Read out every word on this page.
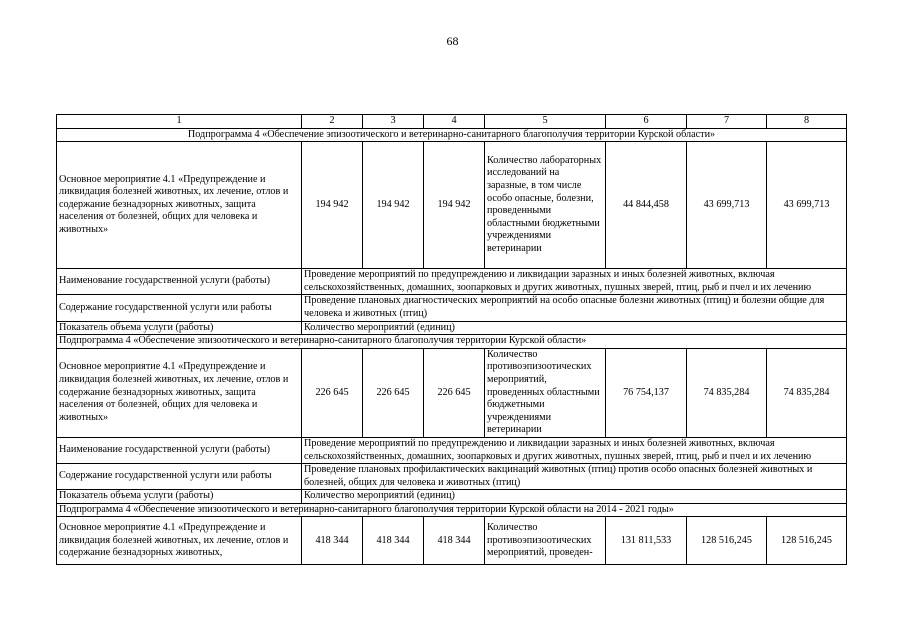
68
1	2	3	4	5	6	7	8
Подпрограмма 4 «Обеспечение эпизоотического и ветеринарно-санитарного благополучия территории Курской области»							
Основное мероприятие 4.1 «Предупреждение и ликвидация болезней животных, их лечение, отлов и содержание безнадзорных животных, защита населения от болезней, общих для человека и животных»	194 942	194 942	194 942	Количество лабораторных исследований на заразные, в том числе особо опасные, болезни, проведенными областными бюджетными учреждениями ветеринарии	44 844,458	43 699,713	43 699,713
Наименование государственной услуги (работы)	Проведение мероприятий по предупреждению и ликвидации заразных и иных болезней животных, включая сельскохозяйственных, домашних, зоопарковых и других животных, пушных зверей, птиц, рыб и пчел и их лечению						
Содержание государственной услуги или работы	Проведение плановых диагностических мероприятий на особо опасные болезни животных (птиц) и болезни общие для человека и животных (птиц)						
Показатель объема услуги (работы)	Количество мероприятий (единиц)						
Подпрограмма 4 «Обеспечение эпизоотического и ветеринарно-санитарного благополучия территории Курской области»							
Основное мероприятие 4.1 «Предупреждение и ликвидация болезней животных, их лечение, отлов и содержание безнадзорных животных, защита населения от болезней, общих для человека и животных»	226 645	226 645	226 645	Количество противоэпизоотических мероприятий, проведенных областными бюджетными учреждениями ветеринарии	76 754,137	74 835,284	74 835,284
Наименование государственной услуги (работы)	Проведение мероприятий по предупреждению и ликвидации заразных и иных болезней животных, включая сельскохозяйственных, домашних, зоопарковых и других животных, пушных зверей, птиц, рыб и пчел и их лечению						
Содержание государственной услуги или работы	Проведение плановых профилактических вакцинаций животных (птиц) против особо опасных болезней животных и болезней, общих для человека и животных (птиц)						
Показатель объема услуги (работы)	Количество мероприятий (единиц)						
Подпрограмма 4 «Обеспечение эпизоотического и ветеринарно-санитарного благополучия территории Курской области на 2014 - 2021 годы»							
Основное мероприятие 4.1 «Предупреждение и ликвидация болезней животных, их лечение, отлов и содержание безнадзорных животных,	418 344	418 344	418 344	Количество противоэпизоотических мероприятий, проведен-	131 811,533	128 516,245	128 516,245
